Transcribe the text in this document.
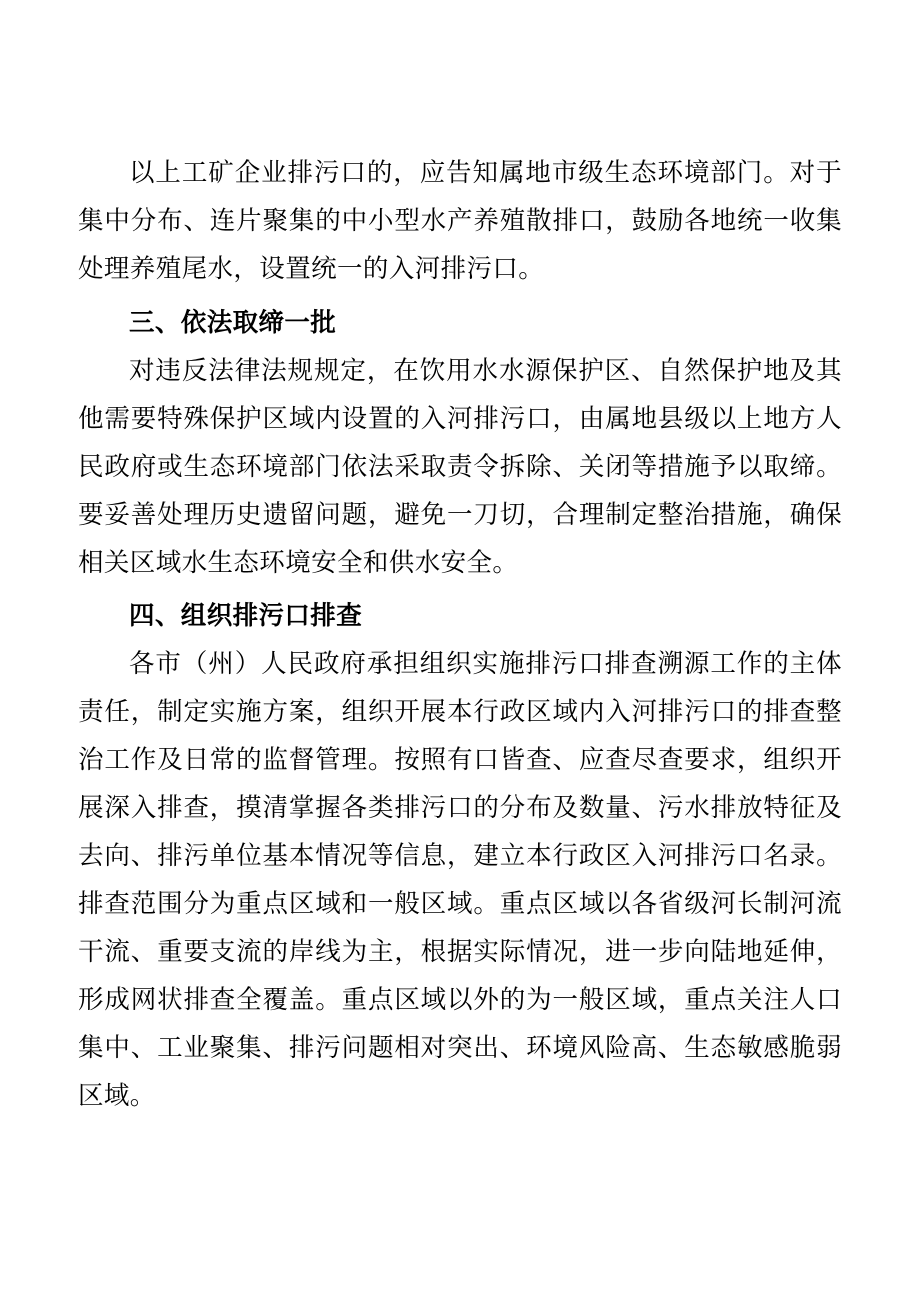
以上工矿企业排污口的，应告知属地市级生态环境部门。对于集中分布、连片聚集的中小型水产养殖散排口，鼓励各地统一收集处理养殖尾水，设置统一的入河排污口。

三、依法取缔一批

对违反法律法规规定，在饮用水水源保护区、自然保护地及其他需要特殊保护区域内设置的入河排污口，由属地县级以上地方人民政府或生态环境部门依法采取责令拆除、关闭等措施予以取缔。要妥善处理历史遗留问题，避免一刀切，合理制定整治措施，确保相关区域水生态环境安全和供水安全。

四、组织排污口排查

各市（州）人民政府承担组织实施排污口排查溯源工作的主体责任，制定实施方案，组织开展本行政区域内入河排污口的排查整治工作及日常的监督管理。按照有口皆查、应查尽查要求，组织开展深入排查，摸清掌握各类排污口的分布及数量、污水排放特征及去向、排污单位基本情况等信息，建立本行政区入河排污口名录。排查范围分为重点区域和一般区域。重点区域以各省级河长制河流干流、重要支流的岸线为主，根据实际情况，进一步向陆地延伸，形成网状排查全覆盖。重点区域以外的为一般区域，重点关注人口集中、工业聚集、排污问题相对突出、环境风险高、生态敏感脆弱区域。
